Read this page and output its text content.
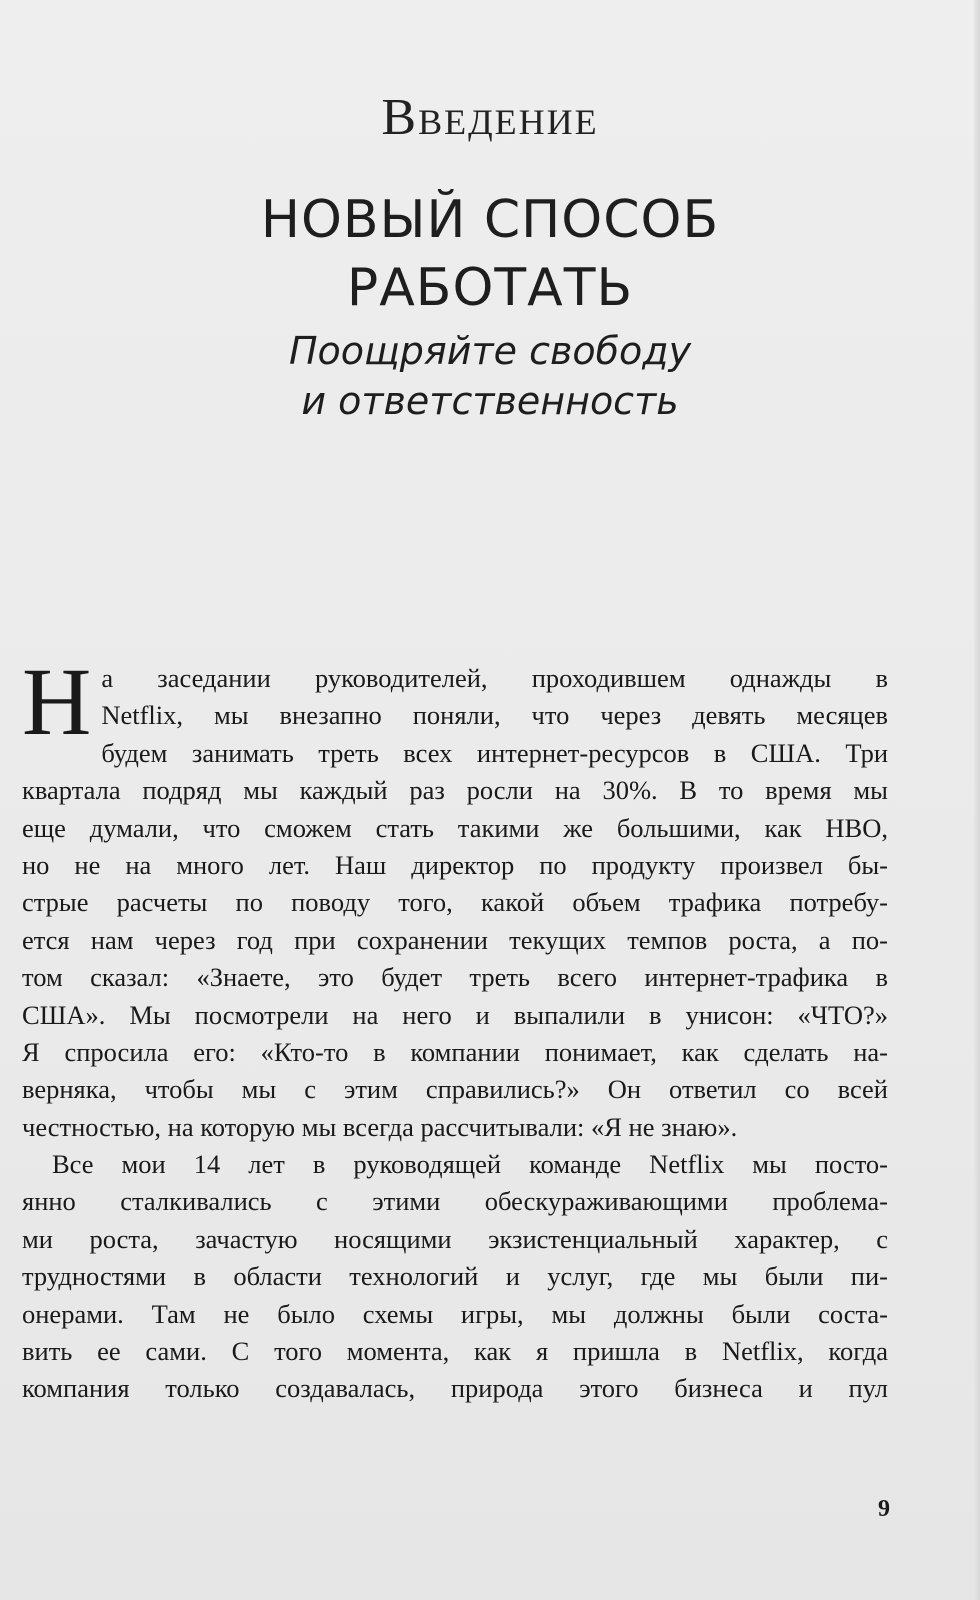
Введение
НОВЫЙ СПОСОБ
РАБОТАТЬ
Поощряйте свободу
и ответственность
Н а заседании руководителей, проходившем однажды в
Netflix, мы внезапно поняли, что через девять месяцев
будем занимать треть всех интернет-ресурсов в США. Три
квартала подряд мы каждый раз росли на 30%. В то время мы
еще думали, что сможем стать такими же большими, как HBO,
но не на много лет. Наш директор по продукту произвел бы-
стрые расчеты по поводу того, какой объем трафика потребу-
ется нам через год при сохранении текущих темпов роста, а по-
том сказал: «Знаете, это будет треть всего интернет-трафика в
США». Мы посмотрели на него и выпалили в унисон: «ЧТО?»
Я спросила его: «Кто-то в компании понимает, как сделать на-
верняка, чтобы мы с этим справились?» Он ответил со всей
честностью, на которую мы всегда рассчитывали: «Я не знаю».
Все мои 14 лет в руководящей команде Netflix мы посто-
янно сталкивались с этими обескураживающими проблема-
ми роста, зачастую носящими экзистенциальный характер, с
трудностями в области технологий и услуг, где мы были пи-
онерами. Там не было схемы игры, мы должны были соста-
вить ее сами. С того момента, как я пришла в Netflix, когда
компания только создавалась, природа этого бизнеса и пул
9
